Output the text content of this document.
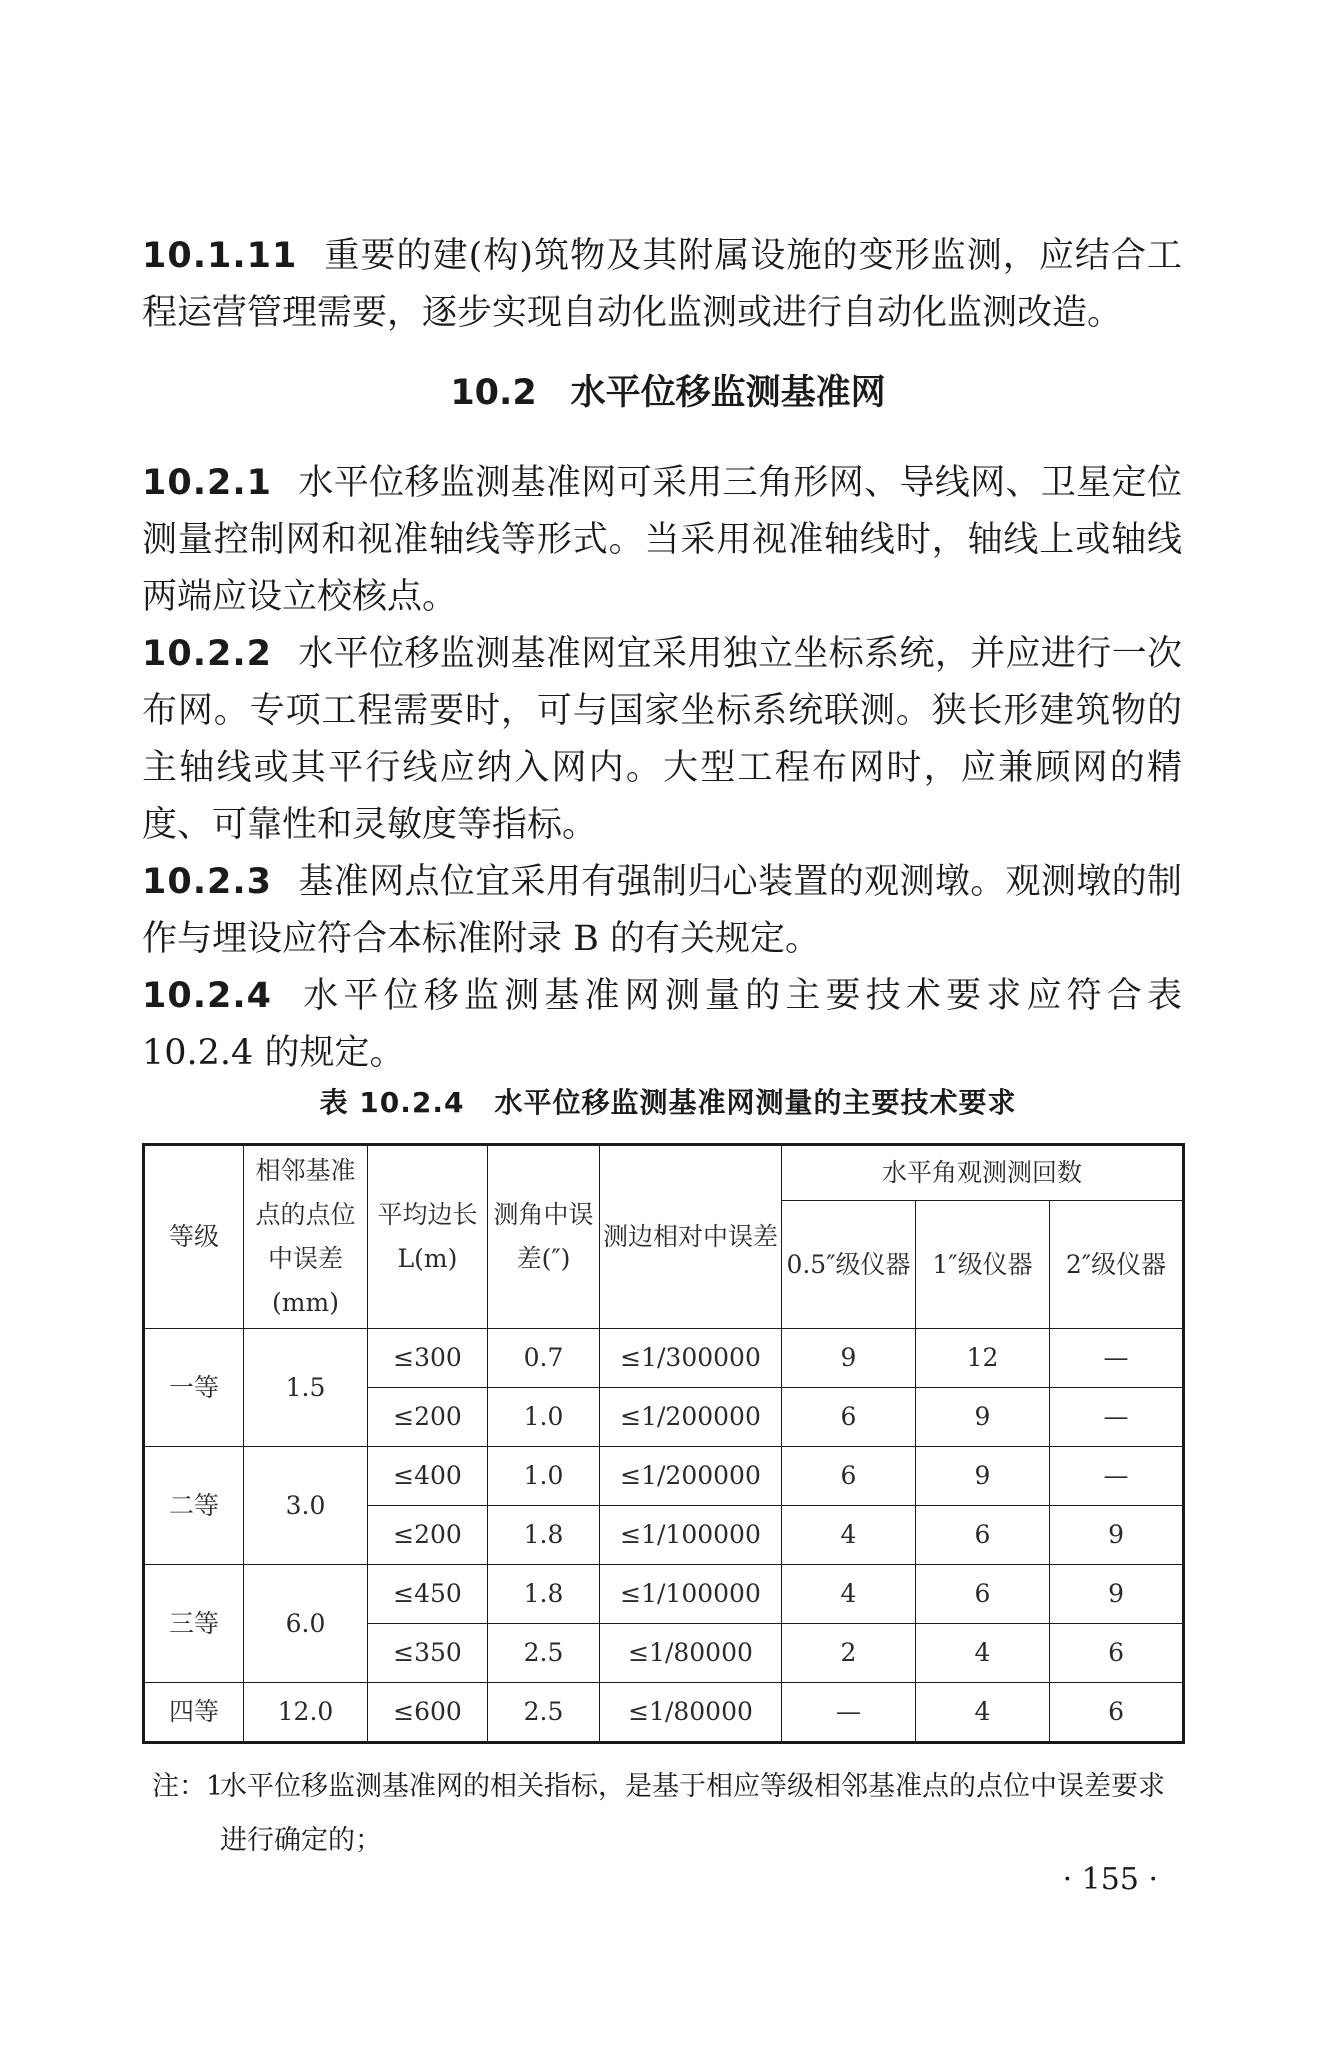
10.1.11 重要的建(构)筑物及其附属设施的变形监测，应结合工程运营管理需要，逐步实现自动化监测或进行自动化监测改造。

10.2 水平位移监测基准网

10.2.1 水平位移监测基准网可采用三角形网、导线网、卫星定位测量控制网和视准轴线等形式。当采用视准轴线时，轴线上或轴线两端应设立校核点。

10.2.2 水平位移监测基准网宜采用独立坐标系统，并应进行一次布网。专项工程需要时，可与国家坐标系统联测。狭长形建筑物的主轴线或其平行线应纳入网内。大型工程布网时，应兼顾网的精度、可靠性和灵敏度等指标。

10.2.3 基准网点位宜采用有强制归心装置的观测墩。观测墩的制作与埋设应符合本标准附录 B 的有关规定。

10.2.4 水平位移监测基准网测量的主要技术要求应符合表 10.2.4 的规定。

表 10.2.4 水平位移监测基准网测量的主要技术要求
等级	相邻基准点的点位中误差(mm)	平均边长L(m)	测角中误差(″)	测边相对中误差	水平角观测测回数		
					0.5″级仪器	1″级仪器	2″级仪器
一等	1.5	≤300	0.7	≤1/300000	9	12	—
		≤200	1.0	≤1/200000	6	9	—
二等	3.0	≤400	1.0	≤1/200000	6	9	—
		≤200	1.8	≤1/100000	4	6	9
三等	6.0	≤450	1.8	≤1/100000	4	6	9
		≤350	2.5	≤1/80000	2	4	6
四等	12.0	≤600	2.5	≤1/80000	—	4	6
注：1
水平位移监测基准网的相关指标，是基于相应等级相邻基准点的点位中误差要求进行确定的；
· 155 ·
